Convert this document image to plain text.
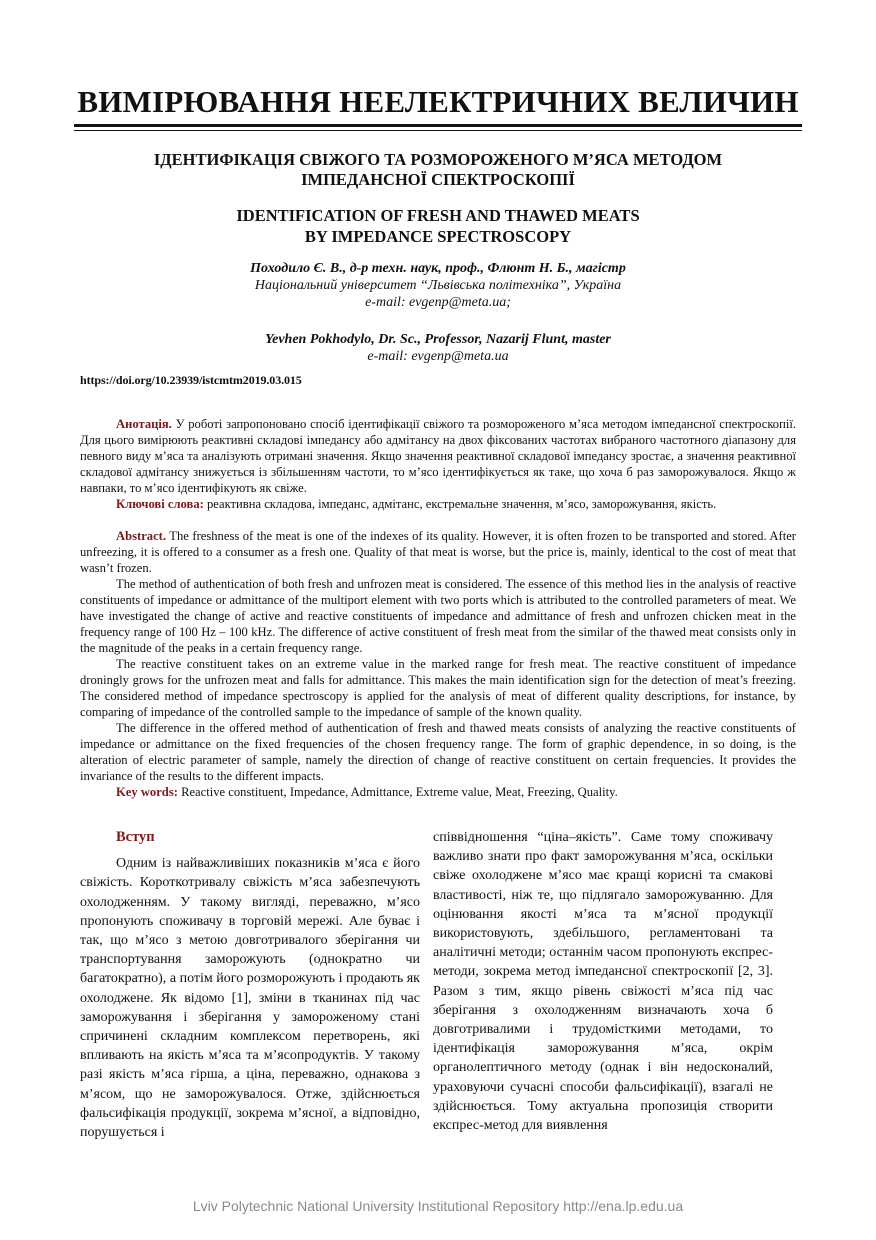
ВИМІРЮВАННЯ НЕЕЛЕКТРИЧНИХ ВЕЛИЧИН
ІДЕНТИФІКАЦІЯ СВІЖОГО ТА РОЗМОРОЖЕНОГО М’ЯСА МЕТОДОМ
ІМПЕДАНСНОЇ СПЕКТРОСКОПІЇ
IDENTIFICATION OF FRESH AND THAWED MEATS
BY IMPEDANCE SPECTROSCOPY
Походило Є. В., д-р техн. наук, проф., Флюнт Н. Б., магістр
Національний університет “Львівська політехніка”, Україна
e-mail: evgenp@meta.ua;
Yevhen Pokhodylo, Dr. Sc., Professor, Nazarij Flunt, master
e-mail: evgenp@meta.ua
https://doi.org/10.23939/istcmtm2019.03.015

Анотація. У роботі запропоновано спосіб ідентифікації свіжого та розмороженого м’яса методом імпедансної спектроскопії. Для цього вимірюють реактивні складові імпедансу або адмітансу на двох фіксованих частотах вибраного частотного діапазону для певного виду м’яса та аналізують отримані значення. Якщо значення реактивної складової імпедансу зростає, а значення реактивної складової адмітансу знижується із збільшенням частоти, то м’ясо ідентифікується як таке, що хоча б раз заморожувалося. Якщо ж навпаки, то м’ясо ідентифікують як свіже.

Ключові слова: реактивна складова, імпеданс, адмітанс, екстремальне значення, м’ясо, заморожування, якість.

Abstract. The freshness of the meat is one of the indexes of its quality. However, it is often frozen to be transported and stored. After unfreezing, it is offered to a consumer as a fresh one. Quality of that meat is worse, but the price is, mainly, identical to the cost of meat that wasn’t frozen.

The method of authentication of both fresh and unfrozen meat is considered. The essence of this method lies in the analysis of reactive constituents of impedance or admittance of the multiport element with two ports which is attributed to the controlled parameters of meat. We have investigated the change of active and reactive constituents of impedance and admittance of fresh and unfrozen chicken meat in the frequency range of 100 Hz – 100 kHz. The difference of active constituent of fresh meat from the similar of the thawed meat consists only in the magnitude of the peaks in a certain frequency range.

The reactive constituent takes on an extreme value in the marked range for fresh meat. The reactive constituent of impedance droningly grows for the unfrozen meat and falls for admittance. This makes the main identification sign for the detection of meat’s freezing. The considered method of impedance spectroscopy is applied for the analysis of meat of different quality descriptions, for instance, by comparing of impedance of the controlled sample to the impedance of sample of the known quality.

The difference in the offered method of authentication of fresh and thawed meats consists of analyzing the reactive constituents of impedance or admittance on the fixed frequencies of the chosen frequency range. The form of graphic dependence, in so doing, is the alteration of electric parameter of sample, namely the direction of change of reactive constituent on certain frequencies. It provides the invariance of the results to the different impacts.

Key words: Reactive constituent, Impedance, Admittance, Extreme value, Meat, Freezing, Quality.

Вступ

Одним із найважливіших показників м’яса є його свіжість. Короткотривалу свіжість м’яса забезпечують охолодженням. У такому вигляді, переважно, м’ясо пропонують споживачу в торговій мережі. Але буває і так, що м’ясо з метою довготривалого зберігання чи транспортування заморожують (однократно чи багатократно), а потім його розморожують і продають як охолоджене. Як відомо [1], зміни в тканинах під час заморожування і зберігання у замороженому стані спричинені складним комплексом перетворень, які впливають на якість м’яса та м’ясопродуктів. У такому разі якість м’яса гірша, а ціна, переважно, однакова з м’ясом, що не заморожувалося. Отже, здійснюється фальсифікація продукції, зокрема м’ясної, а відповідно, порушується і

співвідношення “ціна–якість”. Саме тому споживачу важливо знати про факт заморожування м’яса, оскільки свіже охолоджене м’ясо має кращі корисні та смакові властивості, ніж те, що підлягало заморожуванню. Для оцінювання якості м’яса та м’ясної продукції використовують, здебільшого, регламентовані та аналітичні методи; останнім часом пропонують експрес-методи, зокрема метод імпедансної спектроскопії [2, 3]. Разом з тим, якщо рівень свіжості м’яса під час зберігання з охолодженням визначають хоча б довготривалими і трудомісткими методами, то ідентифікація заморожування м’яса, окрім органолептичного методу (однак і він недосконалий, ураховуючи сучасні способи фальсифікації), взагалі не здійснюється. Тому актуальна пропозиція створити експрес-метод для виявлення

Lviv Polytechnic National University Institutional Repository http://ena.lp.edu.ua
